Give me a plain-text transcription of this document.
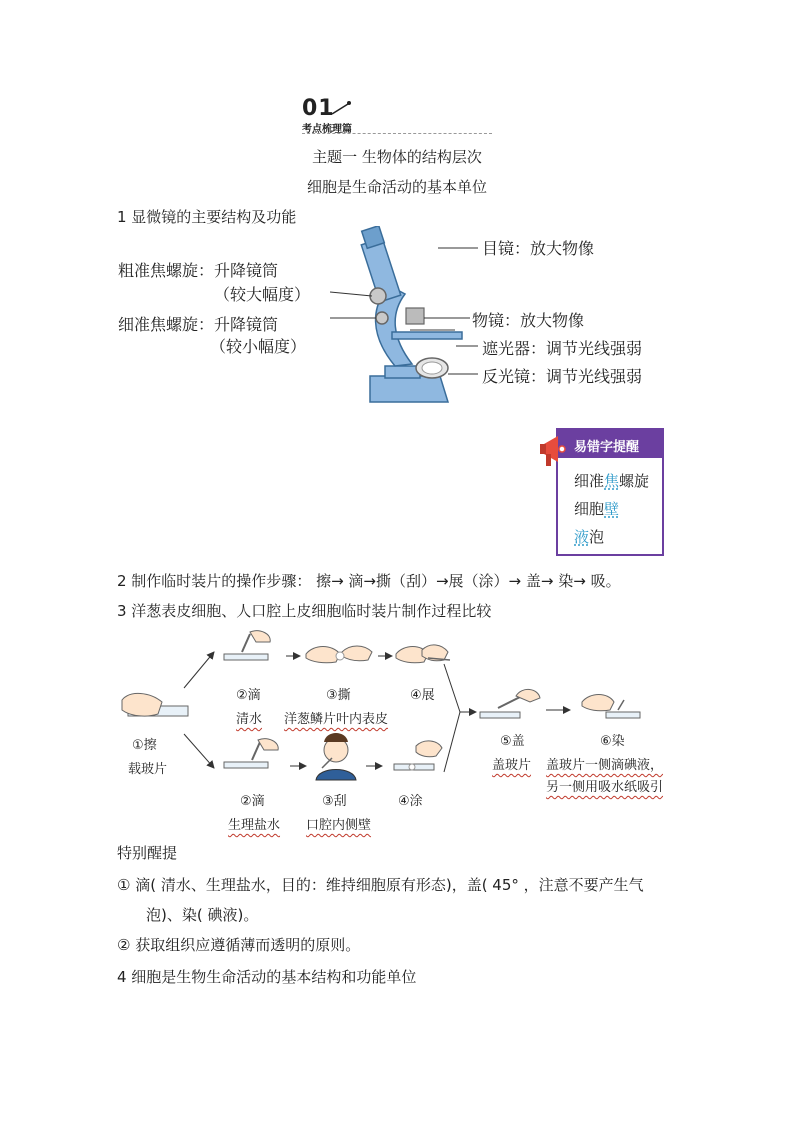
01
考点梳理篇
主题一 生物体的结构层次
细胞是生命活动的基本单位
1 显微镜的主要结构及功能
粗准焦螺旋：升降镜筒
（较大幅度）
细准焦螺旋：升降镜筒
（较小幅度）
目镜：放大物像
物镜：放大物像
遮光器：调节光线强弱
反光镜：调节光线强弱
易错字提醒
细准焦螺旋
细胞壁
液泡
2 制作临时装片的操作步骤： 擦→ 滴→撕（刮）→展（涂）→ 盖→ 染→ 吸。
3 洋葱表皮细胞、人口腔上皮细胞临时装片制作过程比较
①擦
载玻片
②滴
清水
③撕
洋葱鳞片叶内表皮
④展
②滴
生理盐水
③刮
口腔内侧壁
④涂
⑤盖
盖玻片
⑥染
盖玻片一侧滴碘液，
另一侧用吸水纸吸引
特别醒提
① 滴( 清水、生理盐水，目的：维持细胞原有形态)，盖( 45° ，注意不要产生气
泡)、染( 碘液)。
② 获取组织应遵循薄而透明的原则。
4 细胞是生物生命活动的基本结构和功能单位
